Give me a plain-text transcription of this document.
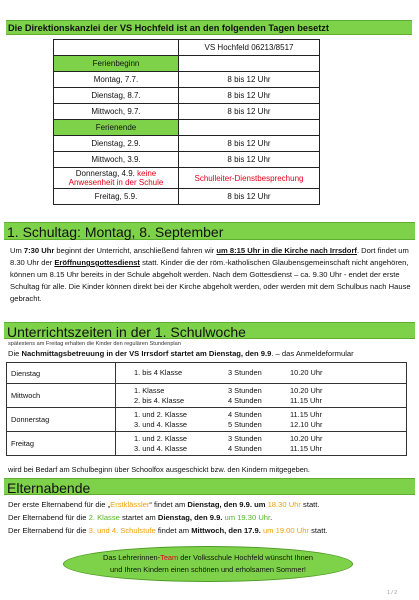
Die Direktionskanzlei der VS Hochfeld ist an den folgenden Tagen besetzt
	VS Hochfeld 06213/8517
Ferienbeginn	
Montag, 7.7.	8 bis 12 Uhr
Dienstag, 8.7.	8 bis 12 Uhr
Mittwoch, 9.7.	8 bis 12 Uhr
Ferienende	
Dienstag, 2.9.	8 bis 12 Uhr
Mittwoch, 3.9.	8 bis 12 Uhr
Donnerstag, 4.9. keine Anwesenheit in der Schule	Schulleiter-Dienstbesprechung
Freitag, 5.9.	8 bis 12 Uhr
1. Schultag: Montag, 8. September
Um 7:30 Uhr beginnt der Unterricht, anschließend fahren wir um 8:15 Uhr in die Kirche nach Irrsdorf. Dort findet um 8.30 Uhr der Eröffnungsgottesdienst statt. Kinder die der röm.-katholischen Glaubensgemeinschaft nicht angehören, können um 8.15 Uhr bereits in der Schule abgeholt werden. Nach dem Gottesdienst – ca. 9.30 Uhr - endet der erste Schultag für alle. Die Kinder können direkt bei der Kirche abgeholt werden, oder werden mit dem Schulbus nach Hause gebracht.
Unterrichtszeiten in der 1. Schulwoche
spätestens am Freitag erhalten die Kinder den regulären Stundenplan
Die Nachmittagsbetreuung in der VS Irrsdorf startet am Dienstag, den 9.9. – das Anmeldeformular
Dienstag	1. bis 4 Klasse 3 Stunden 10.20 Uhr

Mittwoch	1. Klasse 3 Stunden 10.20 Uhr
2. bis 4. Klasse 4 Stunden 11.15 Uhr

Donnerstag	1. und 2. Klasse 4 Stunden 11.15 Uhr
3. und 4. Klasse 5 Stunden 12.10 Uhr

Freitag	1. und 2. Klasse 3 Stunden 10.20 Uhr
3. und 4. Klasse 4 Stunden 11.15 Uhr
wird bei Bedarf am Schulbeginn über Schoolfox ausgeschickt bzw. den Kindern mitgegeben.
Elternabende
Der erste Elternabend für die „Erstklässler“ findet am Dienstag, den 9.9. um 18.30 Uhr statt.
Der Elternabend für die 2. Klasse startet am Dienstag, den 9.9. um 19.30 Uhr.
Der Elternabend für die 3. und 4. Schulstufe findet am Mittwoch, den 17.9. um 19.00 Uhr statt.
Das Lehrerinnen-Team der Volksschule Hochfeld wünscht Ihnen
und Ihren Kindern einen schönen und erholsamen Sommer!
1 / 2
